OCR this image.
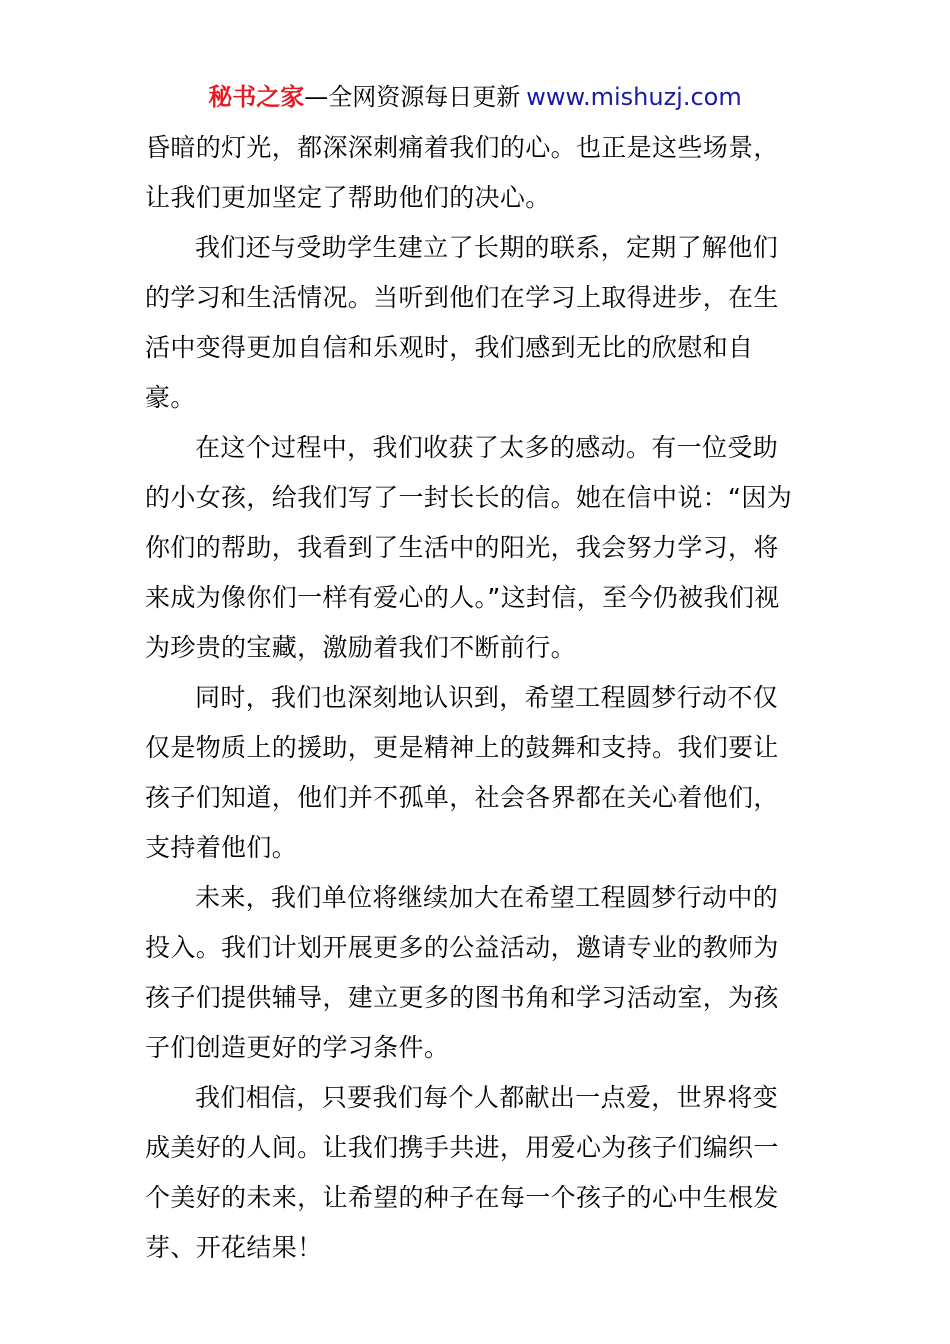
秘书之家—全网资源每日更新 www.mishuzj.com

昏暗的灯光，都深深刺痛着我们的心。也正是这些场景，让我们更加坚定了帮助他们的决心。

我们还与受助学生建立了长期的联系，定期了解他们的学习和生活情况。当听到他们在学习上取得进步，在生活中变得更加自信和乐观时，我们感到无比的欣慰和自豪。

在这个过程中，我们收获了太多的感动。有一位受助的小女孩，给我们写了一封长长的信。她在信中说：“因为你们的帮助，我看到了生活中的阳光，我会努力学习，将来成为像你们一样有爱心的人。”这封信，至今仍被我们视为珍贵的宝藏，激励着我们不断前行。

同时，我们也深刻地认识到，希望工程圆梦行动不仅仅是物质上的援助，更是精神上的鼓舞和支持。我们要让孩子们知道，他们并不孤单，社会各界都在关心着他们，支持着他们。

未来，我们单位将继续加大在希望工程圆梦行动中的投入。我们计划开展更多的公益活动，邀请专业的教师为孩子们提供辅导，建立更多的图书角和学习活动室，为孩子们创造更好的学习条件。

我们相信，只要我们每个人都献出一点爱，世界将变成美好的人间。让我们携手共进，用爱心为孩子们编织一个美好的未来，让希望的种子在每一个孩子的心中生根发芽、开花结果！
